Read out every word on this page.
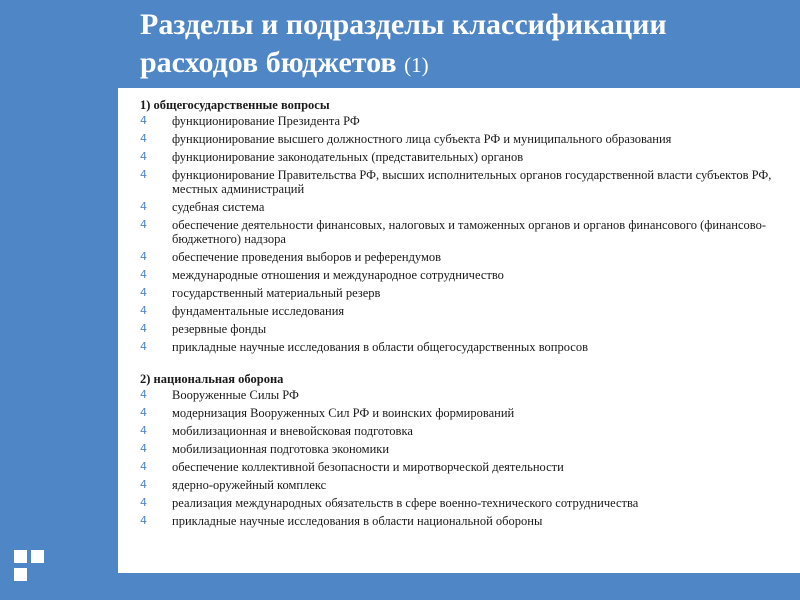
Разделы и подразделы классификации расходов бюджетов (1)
1) общегосударственные вопросы
4 функционирование Президента РФ
4 функционирование высшего должностного лица субъекта РФ и муниципального образования
4 функционирование законодательных (представительных) органов
4 функционирование Правительства РФ, высших исполнительных органов государственной власти субъектов РФ, местных администраций
4 судебная система
4 обеспечение деятельности финансовых, налоговых и таможенных органов и органов финансового (финансово-бюджетного) надзора
4 обеспечение проведения выборов и референдумов
4 международные отношения и международное сотрудничество
4 государственный материальный резерв
4 фундаментальные исследования
4 резервные фонды
4 прикладные научные исследования в области общегосударственных вопросов
2) национальная оборона
4 Вооруженные Силы РФ
4 модернизация Вооруженных Сил РФ и воинских формирований
4 мобилизационная и вневойсковая подготовка
4 мобилизационная подготовка экономики
4 обеспечение коллективной безопасности и миротворческой деятельности
4 ядерно-оружейный комплекс
4 реализация международных обязательств в сфере военно-технического сотрудничества
4 прикладные научные исследования в области национальной обороны
